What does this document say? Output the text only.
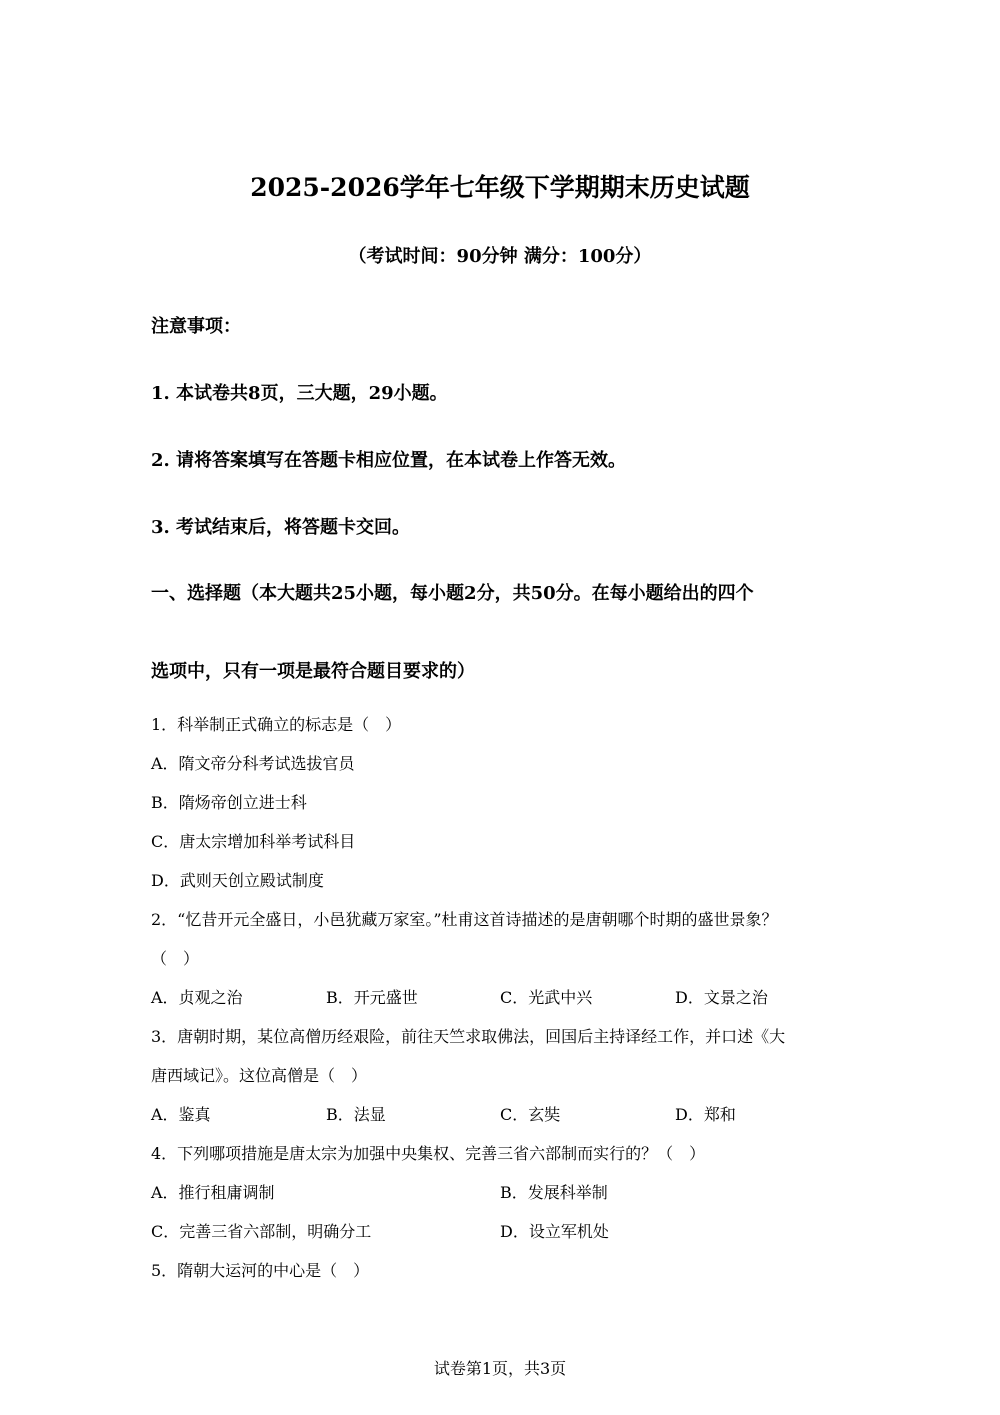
2025-2026学年七年级下学期期末历史试题
（考试时间：90分钟 满分：100分）
注意事项：
1. 本试卷共8页，三大题，29小题。
2. 请将答案填写在答题卡相应位置，在本试卷上作答无效。
3. 考试结束后，将答题卡交回。
一、选择题（本大题共25小题，每小题2分，共50分。在每小题给出的四个
选项中，只有一项是最符合题目要求的）
1．科举制正式确立的标志是（　）
A．隋文帝分科考试选拔官员
B．隋炀帝创立进士科
C．唐太宗增加科举考试科目
D．武则天创立殿试制度
2．“忆昔开元全盛日，小邑犹藏万家室。”杜甫这首诗描述的是唐朝哪个时期的盛世景象？
（　）
A．贞观之治	B．开元盛世	C．光武中兴	D．文景之治
3．唐朝时期，某位高僧历经艰险，前往天竺求取佛法，回国后主持译经工作，并口述《大
唐西域记》。这位高僧是（　）
A．鉴真	B．法显	C．玄奘	D．郑和
4．下列哪项措施是唐太宗为加强中央集权、完善三省六部制而实行的？（　）
A．推行租庸调制	B．发展科举制
C．完善三省六部制，明确分工	D．设立军机处
5．隋朝大运河的中心是（　）
试卷第1页，共3页
